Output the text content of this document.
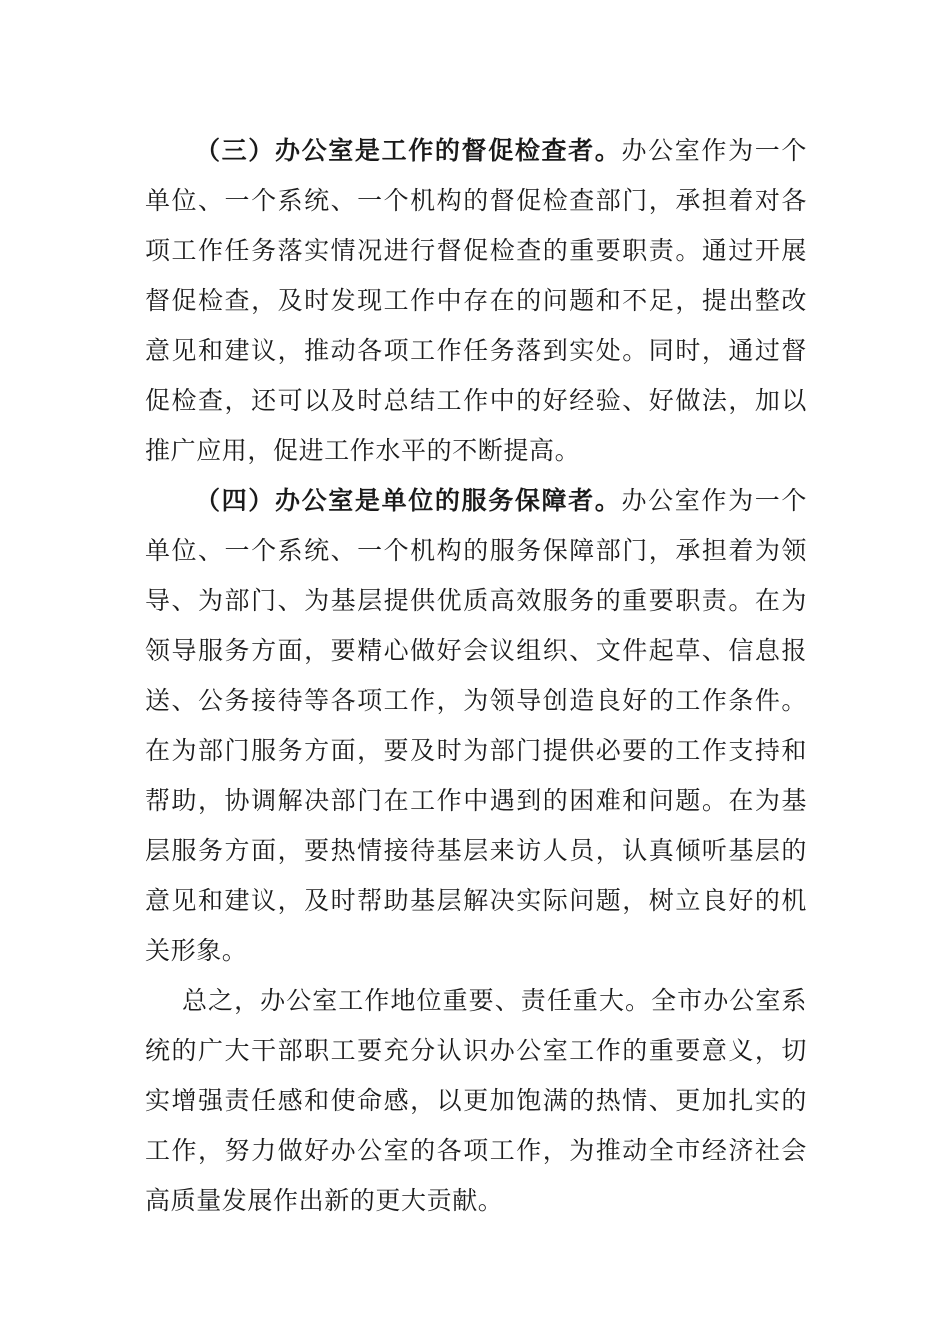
（三）办公室是工作的督促检查者。办公室作为一个单位、一个系统、一个机构的督促检查部门，承担着对各项工作任务落实情况进行督促检查的重要职责。通过开展督促检查，及时发现工作中存在的问题和不足，提出整改意见和建议，推动各项工作任务落到实处。同时，通过督促检查，还可以及时总结工作中的好经验、好做法，加以推广应用，促进工作水平的不断提高。

（四）办公室是单位的服务保障者。办公室作为一个单位、一个系统、一个机构的服务保障部门，承担着为领导、为部门、为基层提供优质高效服务的重要职责。在为领导服务方面，要精心做好会议组织、文件起草、信息报送、公务接待等各项工作，为领导创造良好的工作条件。在为部门服务方面，要及时为部门提供必要的工作支持和帮助，协调解决部门在工作中遇到的困难和问题。在为基层服务方面，要热情接待基层来访人员，认真倾听基层的意见和建议，及时帮助基层解决实际问题，树立良好的机关形象。

总之，办公室工作地位重要、责任重大。全市办公室系统的广大干部职工要充分认识办公室工作的重要意义，切实增强责任感和使命感，以更加饱满的热情、更加扎实的工作，努力做好办公室的各项工作，为推动全市经济社会高质量发展作出新的更大贡献。
